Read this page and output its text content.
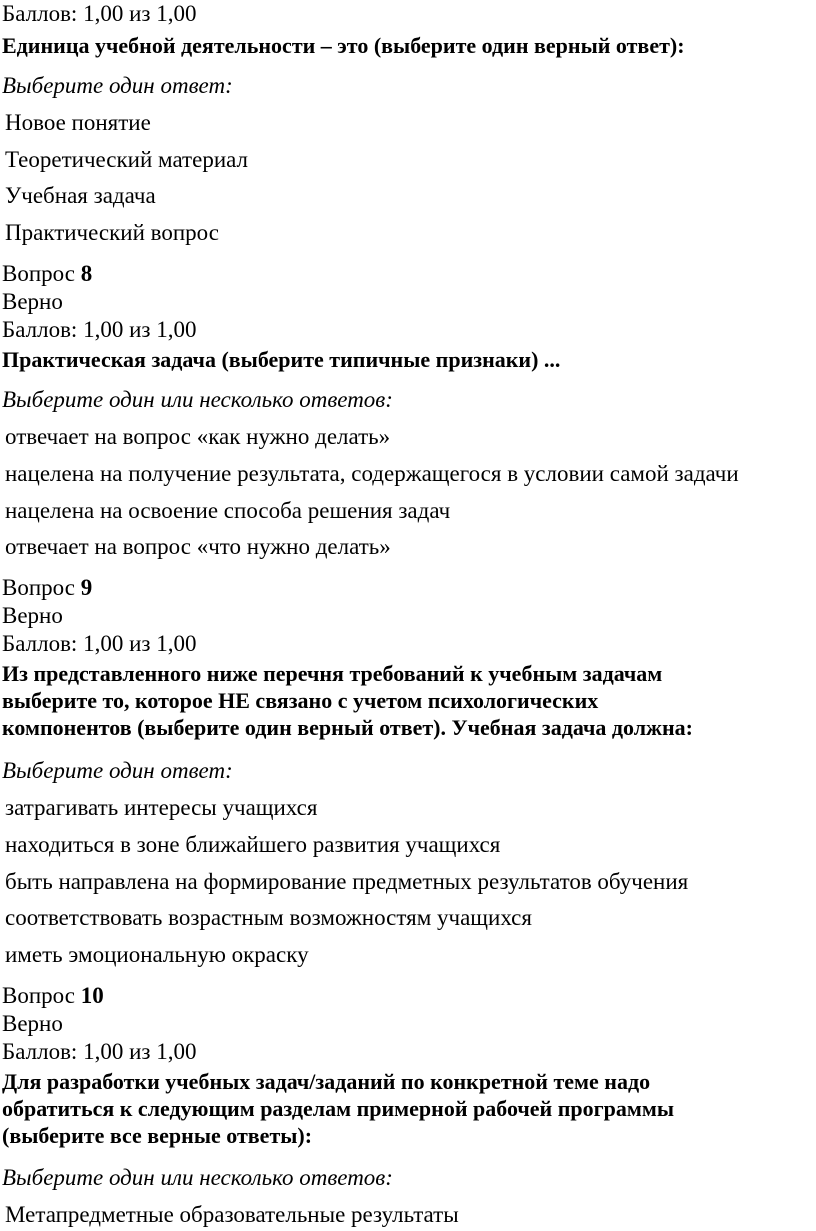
Баллов: 1,00 из 1,00
Единица учебной деятельности – это (выберите один верный ответ):
Выберите один ответ:
Новое понятие
Теоретический материал
Учебная задача
Практический вопрос
Вопрос 8
Верно
Баллов: 1,00 из 1,00
Практическая задача (выберите типичные признаки) ...
Выберите один или несколько ответов:
отвечает на вопрос «как нужно делать»
нацелена на получение результата, содержащегося в условии самой задачи
нацелена на освоение способа решения задач
отвечает на вопрос «что нужно делать»
Вопрос 9
Верно
Баллов: 1,00 из 1,00
Из представленного ниже перечня требований к учебным задачам
выберите то, которое НЕ связано с учетом психологических
компонентов (выберите один верный ответ). Учебная задача должна:
Выберите один ответ:
затрагивать интересы учащихся
находиться в зоне ближайшего развития учащихся
быть направлена на формирование предметных результатов обучения
соответствовать возрастным возможностям учащихся
иметь эмоциональную окраску
Вопрос 10
Верно
Баллов: 1,00 из 1,00
Для разработки учебных задач/заданий по конкретной теме надо
обратиться к следующим разделам примерной рабочей программы
(выберите все верные ответы):
Выберите один или несколько ответов:
Метапредметные образовательные результаты
